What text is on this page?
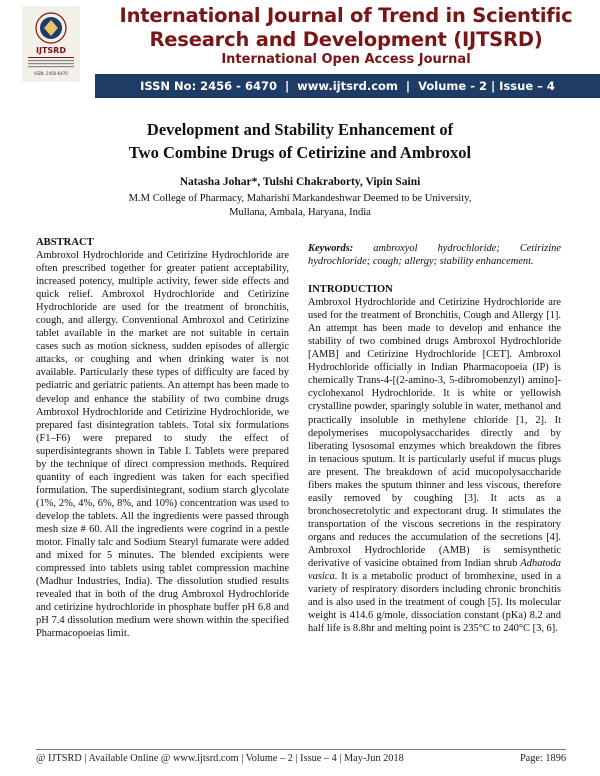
IJTSRD
ISSN: 2456-6470
International Journal of Trend in Scientific
Research and Development (IJTSRD)
International Open Access Journal
ISSN No: 2456 - 6470  |  www.ijtsrd.com  |  Volume - 2 | Issue – 4
Development and Stability Enhancement of
Two Combine Drugs of Cetirizine and Ambroxol
Natasha Johar*, Tulshi Chakraborty, Vipin Saini
M.M College of Pharmacy, Maharishi Markandeshwar Deemed to be University,
Mullana, Ambala, Haryana, India
ABSTRACT

Ambroxol Hydrochloride and Cetirizine Hydrochloride are often prescribed together for greater patient acceptability, increased potency, multiple activity, fewer side effects and quick relief. Ambroxol Hydrochloride and Cetirizine Hydrochloride are used for the treatment of bronchitis, cough, and allergy. Conventional Ambroxol and Cetirizine tablet available in the market are not suitable in certain cases such as motion sickness, sudden episodes of allergic attacks, or coughing and when drinking water is not available. Particularly these types of difficulty are faced by pediatric and geriatric patients. An attempt has been made to develop and enhance the stability of two combine drugs Ambroxol Hydrochloride and Cetirizine Hydrochloride, we prepared fast disintegration tablets. Total six formulations (F1–F6) were prepared to study the effect of superdisintegrants shown in Table I. Tablets were prepared by the technique of direct compression methods. Required quantity of each ingredient was taken for each specified formulation. The superdisintegrant, sodium starch glycolate (1%, 2%, 4%, 6%, 8%, and 10%) concentration was used to develop the tablets. All the ingredients were passed through mesh size # 60. All the ingredients were cogrind in a pestle motor. Finally talc and Sodium Stearyl fumarate were added and mixed for 5 minutes. The blended excipients were compressed into tablets using tablet compression machine (Madhur Industries, India). The dissolution studied results revealed that in both of the drug Ambroxol Hydrochloride and cetirizine hydrochloride in phosphate buffer pH 6.8 and pH 7.4 dissolution medium were shown within the specified Pharmacopoeias limit.

Keywords: ambroxyol hydrochloride; Cetirizine hydrochloride; cough; allergy; stability enhancement.

INTRODUCTION

Ambroxol Hydrochloride and Cetirizine Hydrochloride are used for the treatment of Bronchitis, Cough and Allergy [1]. An attempt has been made to develop and enhance the stability of two combined drugs Ambroxol Hydrochloride [AMB] and Cetirizine Hydrochloride [CET]. Ambroxol Hydrochloride officially in Indian Pharmacopoeia (IP) is chemically Trans-4-[(2-amino-3, 5-dibromobenzyl) amino]-cyclohexanol Hydrochloride. It is white or yellowish crystalline powder, sparingly soluble in water, methanol and practically insoluble in methylene chloride [1, 2]. It depolymerises mucopolysaccharides directly and by liberating lysosomal enzymes which breakdown the fibres in tenacious sputum. It is particularly useful if mucus plugs are present. The breakdown of acid mucopolysaccharide fibers makes the sputum thinner and less viscous, therefore easily removed by coughing [3]. It acts as a bronchosecretolytic and expectorant drug. It stimulates the transportation of the viscous secretions in the respiratory organs and reduces the accumulation of the secretions [4]. Ambroxol Hydrochloride (AMB) is semisynthetic derivative of vasicine obtained from Indian shrub Adhatoda vasica. It is a metabolic product of bromhexine, used in a variety of respiratory disorders including chronic bronchitis and is also used in the treatment of cough [5]. Its molecular weight is 414.6 g/mole, dissociation constant (pKa) 8.2 and half life is 8.8hr and melting point is 235°C to 240°C [3, 6].

@ IJTSRD | Available Online @ www.ijtsrd.com | Volume – 2 | Issue – 4 | May-Jun 2018	Page: 1896
